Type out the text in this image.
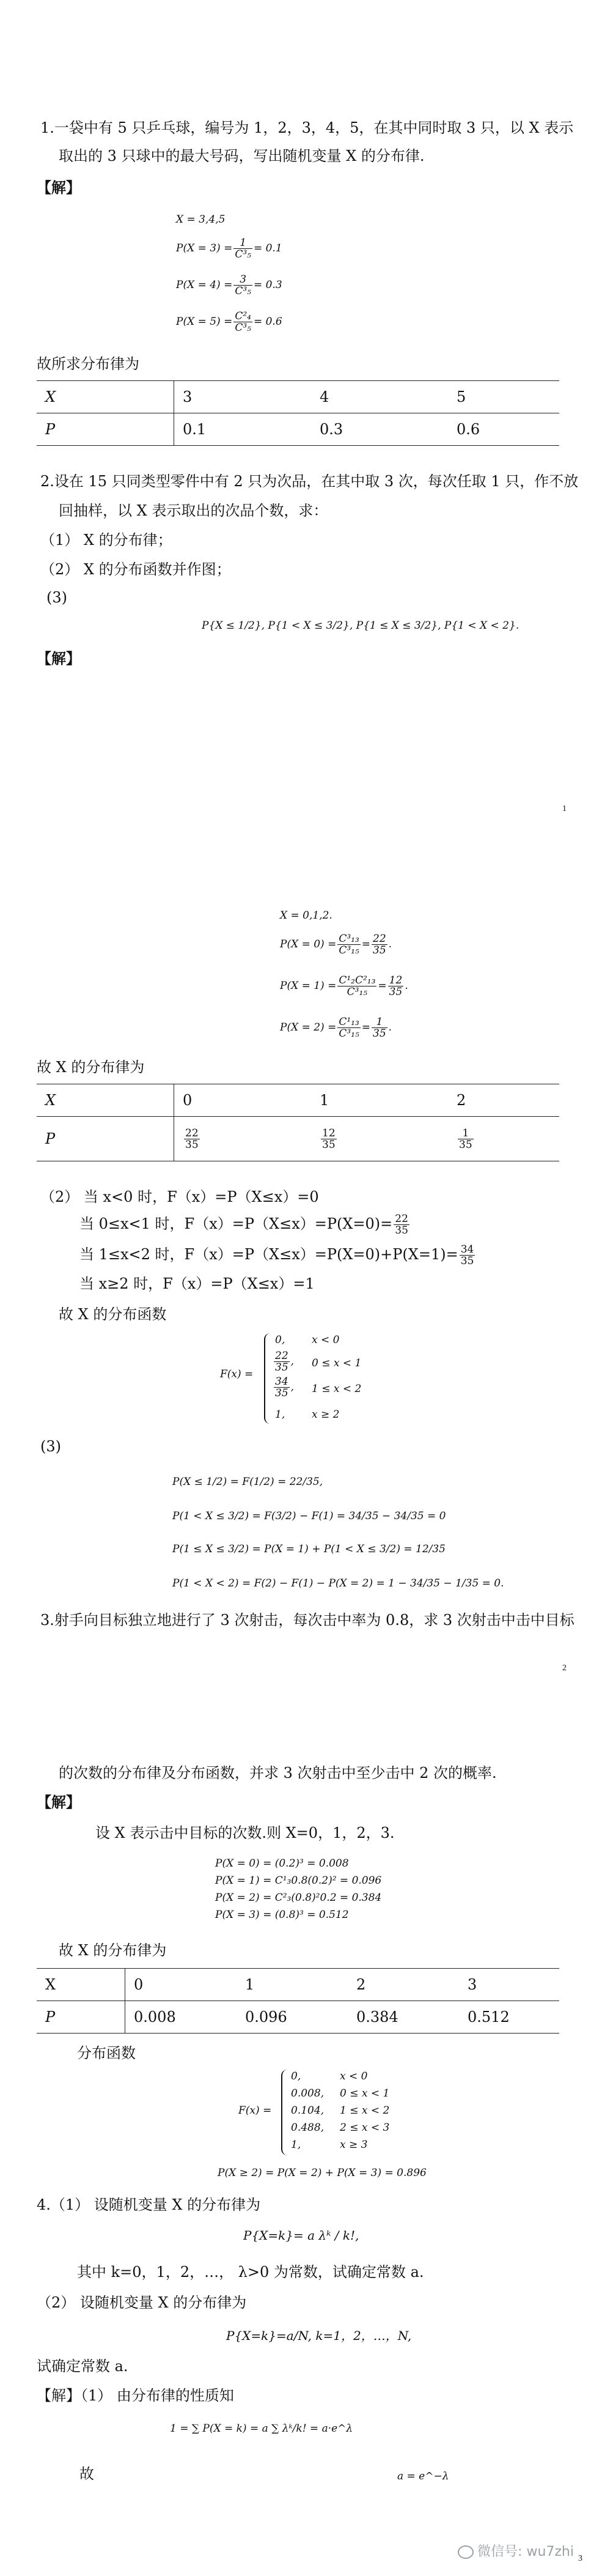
1.一袋中有 5 只乒乓球，编号为 1，2，3，4，5，在其中同时取 3 只，以 X 表示
取出的 3 只球中的最大号码，写出随机变量 X 的分布律.
【解】
X = 3,4,5
$P(X = 3) = \frac{1}{\text{C³₅}} = 0.1$
$P(X = 4) = \frac{3}{\text{C³₅}} = 0.3$
$P(X = 5) = \frac{\text{C²₄}}{\text{C³₅}} = 0.6$
故所求分布律为
X	3	4	5
P	0.1	0.3	0.6
2.设在 15 只同类型零件中有 2 只为次品，在其中取 3 次，每次任取 1 只，作不放
回抽样，以 X 表示取出的次品个数，求：
（1） X 的分布律；
（2） X 的分布函数并作图；
(3)
P{X ≤ 1/2}, P{1 < X ≤ 3/2}, P{1 ≤ X ≤ 3/2}, P{1 < X < 2}.
【解】
1
X = 0,1,2.
$P(X = 0) = \frac{\text{C³₁₃}}{\text{C³₁₅}} = \frac{22}{35}$ .
$P(X = 1) = \frac{\text{C¹₂C²₁₃}}{\text{C³₁₅}} = \frac{12}{35}$ .
$P(X = 2) = \frac{\text{C¹₁₃}}{\text{C³₁₅}} = \frac{1}{35}$ .
故 X 的分布律为
X	0	1	2
P	$\frac{22}{35}$	$\frac{12}{35}$	$\frac{1}{35}$
（2） 当 x<0 时，F（x）=P（X≤x）=0
当 0≤x<1 时，$F(x)=P(X\le x)=P(X=0)= \frac{22}{35}$
当 1≤x<2 时，$F(x)=P(X\le x)=P(X=0)+P(X=1)= \frac{34}{35}$
当 x≥2 时，F（x）=P（X≤x）=1
故 X 的分布函数
F(x) =
0,	x < 0
$\frac{22}{35}$ , 0 ≤ x < 1
$\frac{34}{35}$ , 1 ≤ x < 2
1,	x ≥ 2
(3)
P(X ≤ 1/2) = F(1/2) = 22/35,
P(1 < X ≤ 3/2) = F(3/2) − F(1) = 34/35 − 34/35 = 0
P(1 ≤ X ≤ 3/2) = P(X = 1) + P(1 < X ≤ 3/2) = 12/35
P(1 < X < 2) = F(2) − F(1) − P(X = 2) = 1 − 34/35 − 1/35 = 0.
3.射手向目标独立地进行了 3 次射击，每次击中率为 0.8，求 3 次射击中击中目标
2
的次数的分布律及分布函数，并求 3 次射击中至少击中 2 次的概率.
【解】
设 X 表示击中目标的次数.则 X=0，1，2，3.
P(X = 0) = (0.2)³ = 0.008
P(X = 1) = C¹₃0.8(0.2)² = 0.096
P(X = 2) = C²₃(0.8)²0.2 = 0.384
P(X = 3) = (0.8)³ = 0.512
故 X 的分布律为
X	0	1	2	3
P	0.008	0.096	0.384	0.512
分布函数
F(x) =
0,	x < 0
0.008, 0 ≤ x < 1
0.104, 1 ≤ x < 2
0.488, 2 ≤ x < 3
1,	x ≥ 3
P(X ≥ 2) = P(X = 2) + P(X = 3) = 0.896
4.（1） 设随机变量 X 的分布律为
P{X=k}= a λᵏ / k!,
其中 k=0，1，2，…， λ>0 为常数，试确定常数 a.
（2） 设随机变量 X 的分布律为
P{X=k}=a/N, k=1，2，…，N,
试确定常数 a.
【解】（1） 由分布律的性质知
1 = ∑ P(X = k) = a ∑ λᵏ/k! = a·e^λ
故	a = e^−λ
3
微信号: wu7zhi
